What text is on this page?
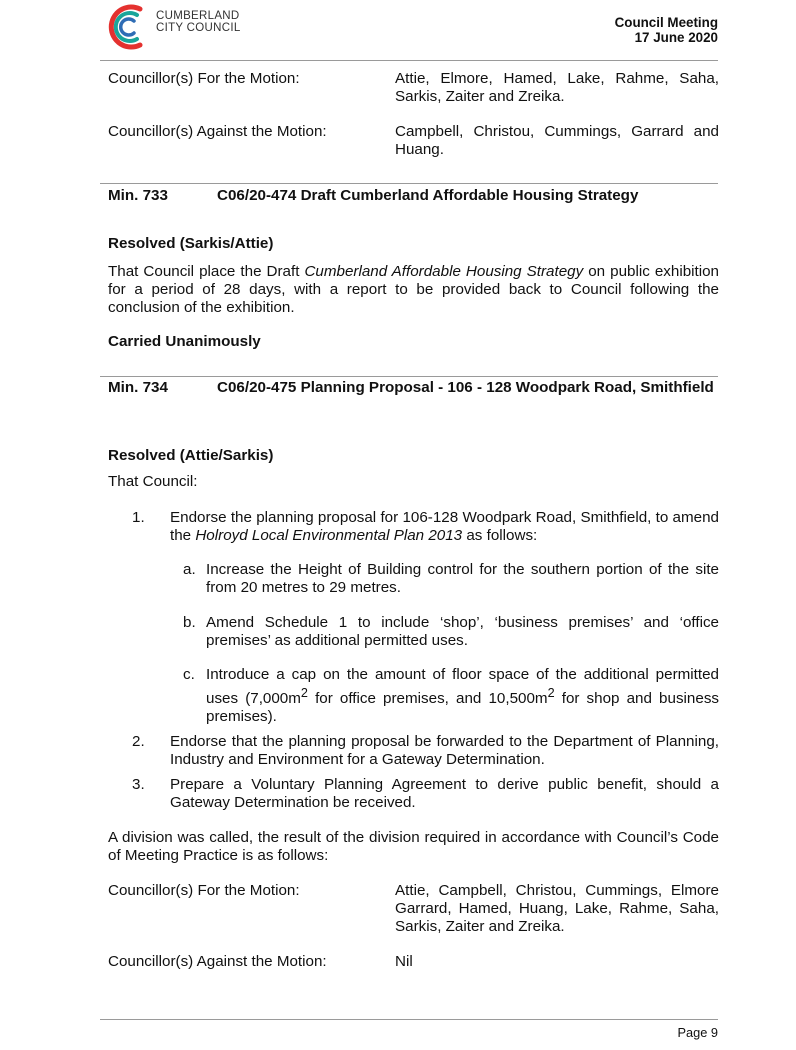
CUMBERLAND
CITY COUNCIL	Council Meeting
17 June 2020
Councillor(s) For the Motion:	Attie, Elmore, Hamed, Lake, Rahme, Saha, Sarkis, Zaiter and Zreika.
Councillor(s) Against the Motion:	Campbell, Christou, Cummings, Garrard and Huang.
Min. 733	C06/20-474 Draft Cumberland Affordable Housing Strategy
Resolved (Sarkis/Attie)
That Council place the Draft Cumberland Affordable Housing Strategy on public exhibition for a period of 28 days, with a report to be provided back to Council following the conclusion of the exhibition.
Carried Unanimously
Min. 734	C06/20-475 Planning Proposal - 106 - 128 Woodpark Road, Smithfield
Resolved (Attie/Sarkis)
That Council:
1. Endorse the planning proposal for 106-128 Woodpark Road, Smithfield, to amend the Holroyd Local Environmental Plan 2013 as follows:
a. Increase the Height of Building control for the southern portion of the site from 20 metres to 29 metres.
b. Amend Schedule 1 to include ‘shop’, ‘business premises’ and ‘office premises’ as additional permitted uses.
c. Introduce a cap on the amount of floor space of the additional permitted uses ($7,000m^2$ for office premises, and $10,500m^2$ for shop and business premises).
2. Endorse that the planning proposal be forwarded to the Department of Planning, Industry and Environment for a Gateway Determination.
3. Prepare a Voluntary Planning Agreement to derive public benefit, should a Gateway Determination be received.
A division was called, the result of the division required in accordance with Council’s Code of Meeting Practice is as follows:
Councillor(s) For the Motion:	Attie, Campbell, Christou, Cummings, Elmore Garrard, Hamed, Huang, Lake, Rahme, Saha, Sarkis, Zaiter and Zreika.
Councillor(s) Against the Motion:	Nil
Page 9
